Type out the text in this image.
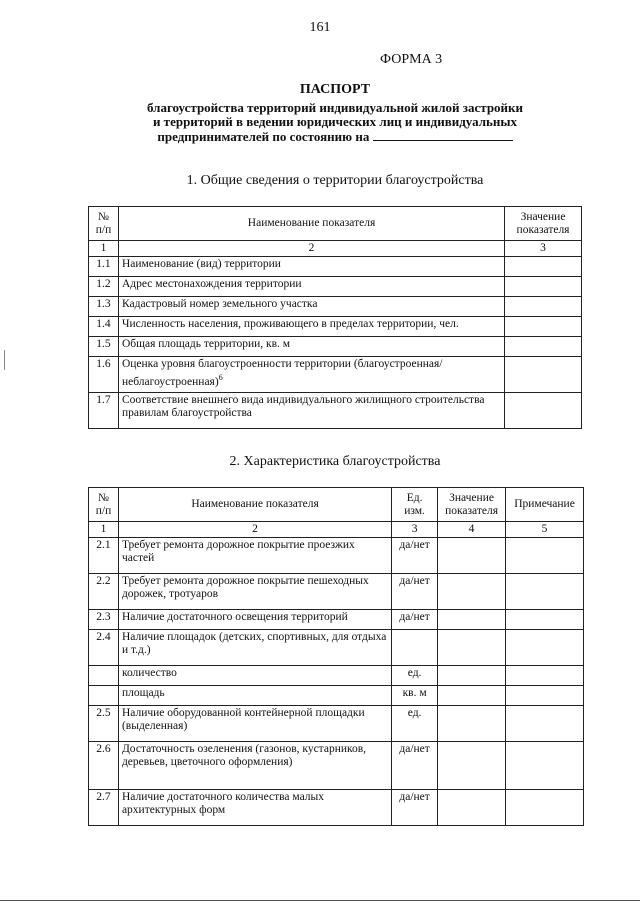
161
ФОРМА 3
ПАСПОРТ
благоустройства территорий индивидуальной жилой застройки
и территорий в ведении юридических лиц и индивидуальных
предпринимателей по состоянию на
1. Общие сведения о территории благоустройства
№ п/п	Наименование показателя	Значение показателя
1	2	3
1.1	Наименование (вид) территории	
1.2	Адрес местонахождения территории	
1.3	Кадастровый номер земельного участка	
1.4	Численность населения, проживающего в пределах территории, чел.	
1.5	Общая площадь территории, кв. м	
1.6	Оценка уровня благоустроенности территории (благоустроенная/неблагоустроенная)$^6$	
1.7	Соответствие внешнего вида индивидуального жилищного строительства правилам благоустройства	
2. Характеристика благоустройства
№ п/п	Наименование показателя	Ед. изм.	Значение показателя	Примечание
1	2	3	4	5
2.1	Требует ремонта дорожное покрытие проезжих частей	да/нет		
2.2	Требует ремонта дорожное покрытие пешеходных дорожек, тротуаров	да/нет		
2.3	Наличие достаточного освещения территорий	да/нет		
2.4	Наличие площадок (детских, спортивных, для отдыха и т.д.)			
	количество	ед.		
	площадь	кв. м		
2.5	Наличие оборудованной контейнерной площадки (выделенная)	ед.		
2.6	Достаточность озеленения (газонов, кустарников, деревьев, цветочного оформления)	да/нет		
2.7	Наличие достаточного количества малых архитектурных форм	да/нет		
